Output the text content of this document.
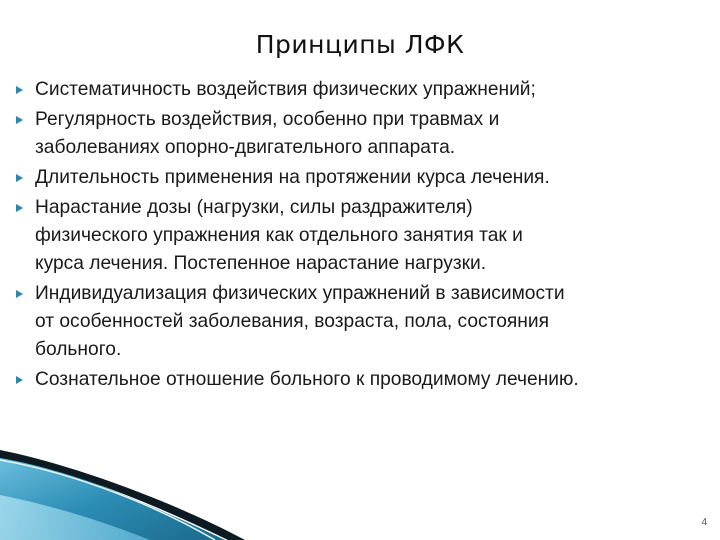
Принципы ЛФК
Систематичность воздействия физических упражнений;
Регулярность воздействия, особенно при травмах и
заболеваниях опорно-двигательного аппарата.
Длительность применения на протяжении курса лечения.
Нарастание дозы (нагрузки, силы раздражителя)
физического упражнения как отдельного занятия так и
курса лечения. Постепенное нарастание нагрузки.
Индивидуализация физических упражнений в зависимости
от особенностей заболевания, возраста, пола, состояния
больного.
Сознательное отношение больного к проводимому лечению.
4
